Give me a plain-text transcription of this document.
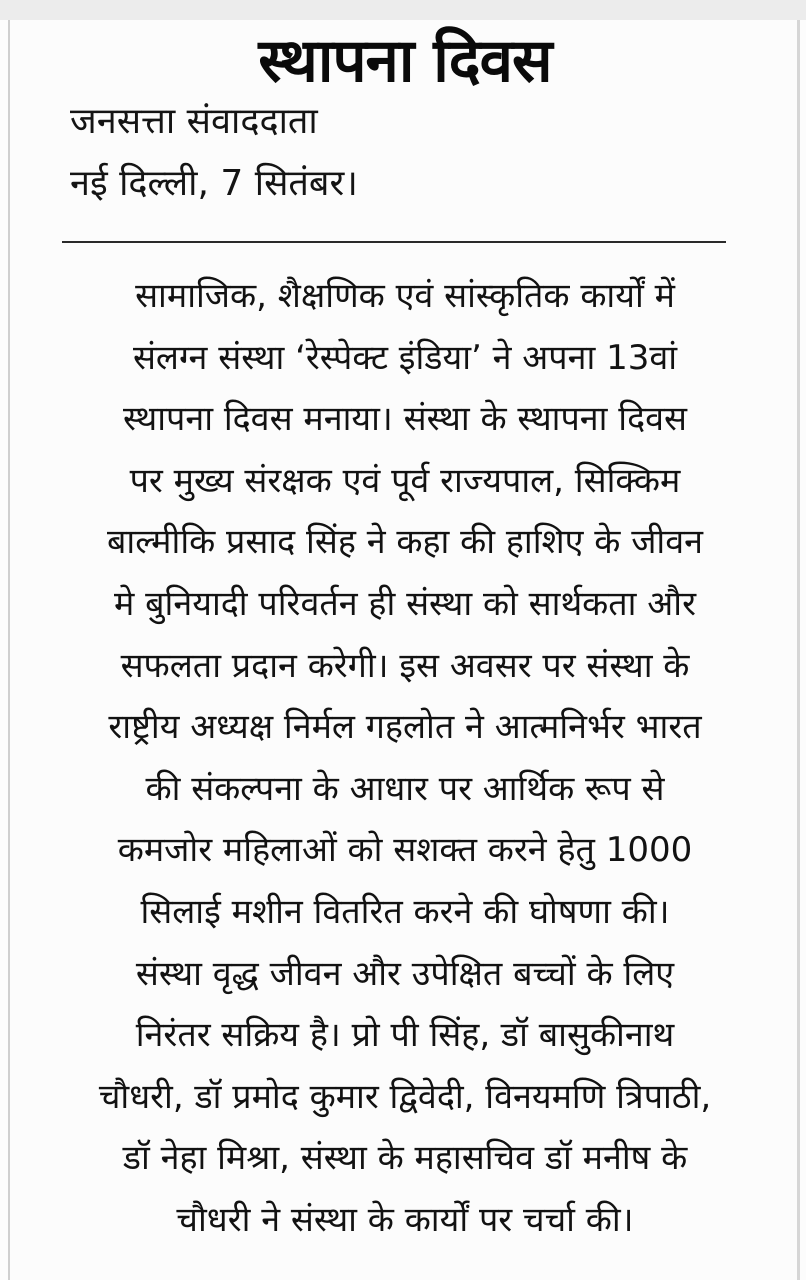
स्थापना दिवस
जनसत्ता संवाददाता
नई दिल्ली, 7 सितंबर।
सामाजिक, शैक्षणिक एवं सांस्कृतिक कार्यों में
संलग्न संस्था ‘रेस्पेक्ट इंडिया’ ने अपना 13वां
स्थापना दिवस मनाया। संस्था के स्थापना दिवस
पर मुख्य संरक्षक एवं पूर्व राज्यपाल, सिक्किम
बाल्मीकि प्रसाद सिंह ने कहा की हाशिए के जीवन
मे बुनियादी परिवर्तन ही संस्था को सार्थकता और
सफलता प्रदान करेगी। इस अवसर पर संस्था के
राष्ट्रीय अध्यक्ष निर्मल गहलोत ने आत्मनिर्भर भारत
की संकल्पना के आधार पर आर्थिक रूप से
कमजोर महिलाओं को सशक्त करने हेतु 1000
सिलाई मशीन वितरित करने की घोषणा की।
संस्था वृद्ध जीवन और उपेक्षित बच्चों के लिए
निरंतर सक्रिय है। प्रो पी सिंह, डॉ बासुकीनाथ
चौधरी, डॉ प्रमोद कुमार द्विवेदी, विनयमणि त्रिपाठी,
डॉ नेहा मिश्रा, संस्था के महासचिव डॉ मनीष के
चौधरी ने संस्था के कार्यों पर चर्चा की।
